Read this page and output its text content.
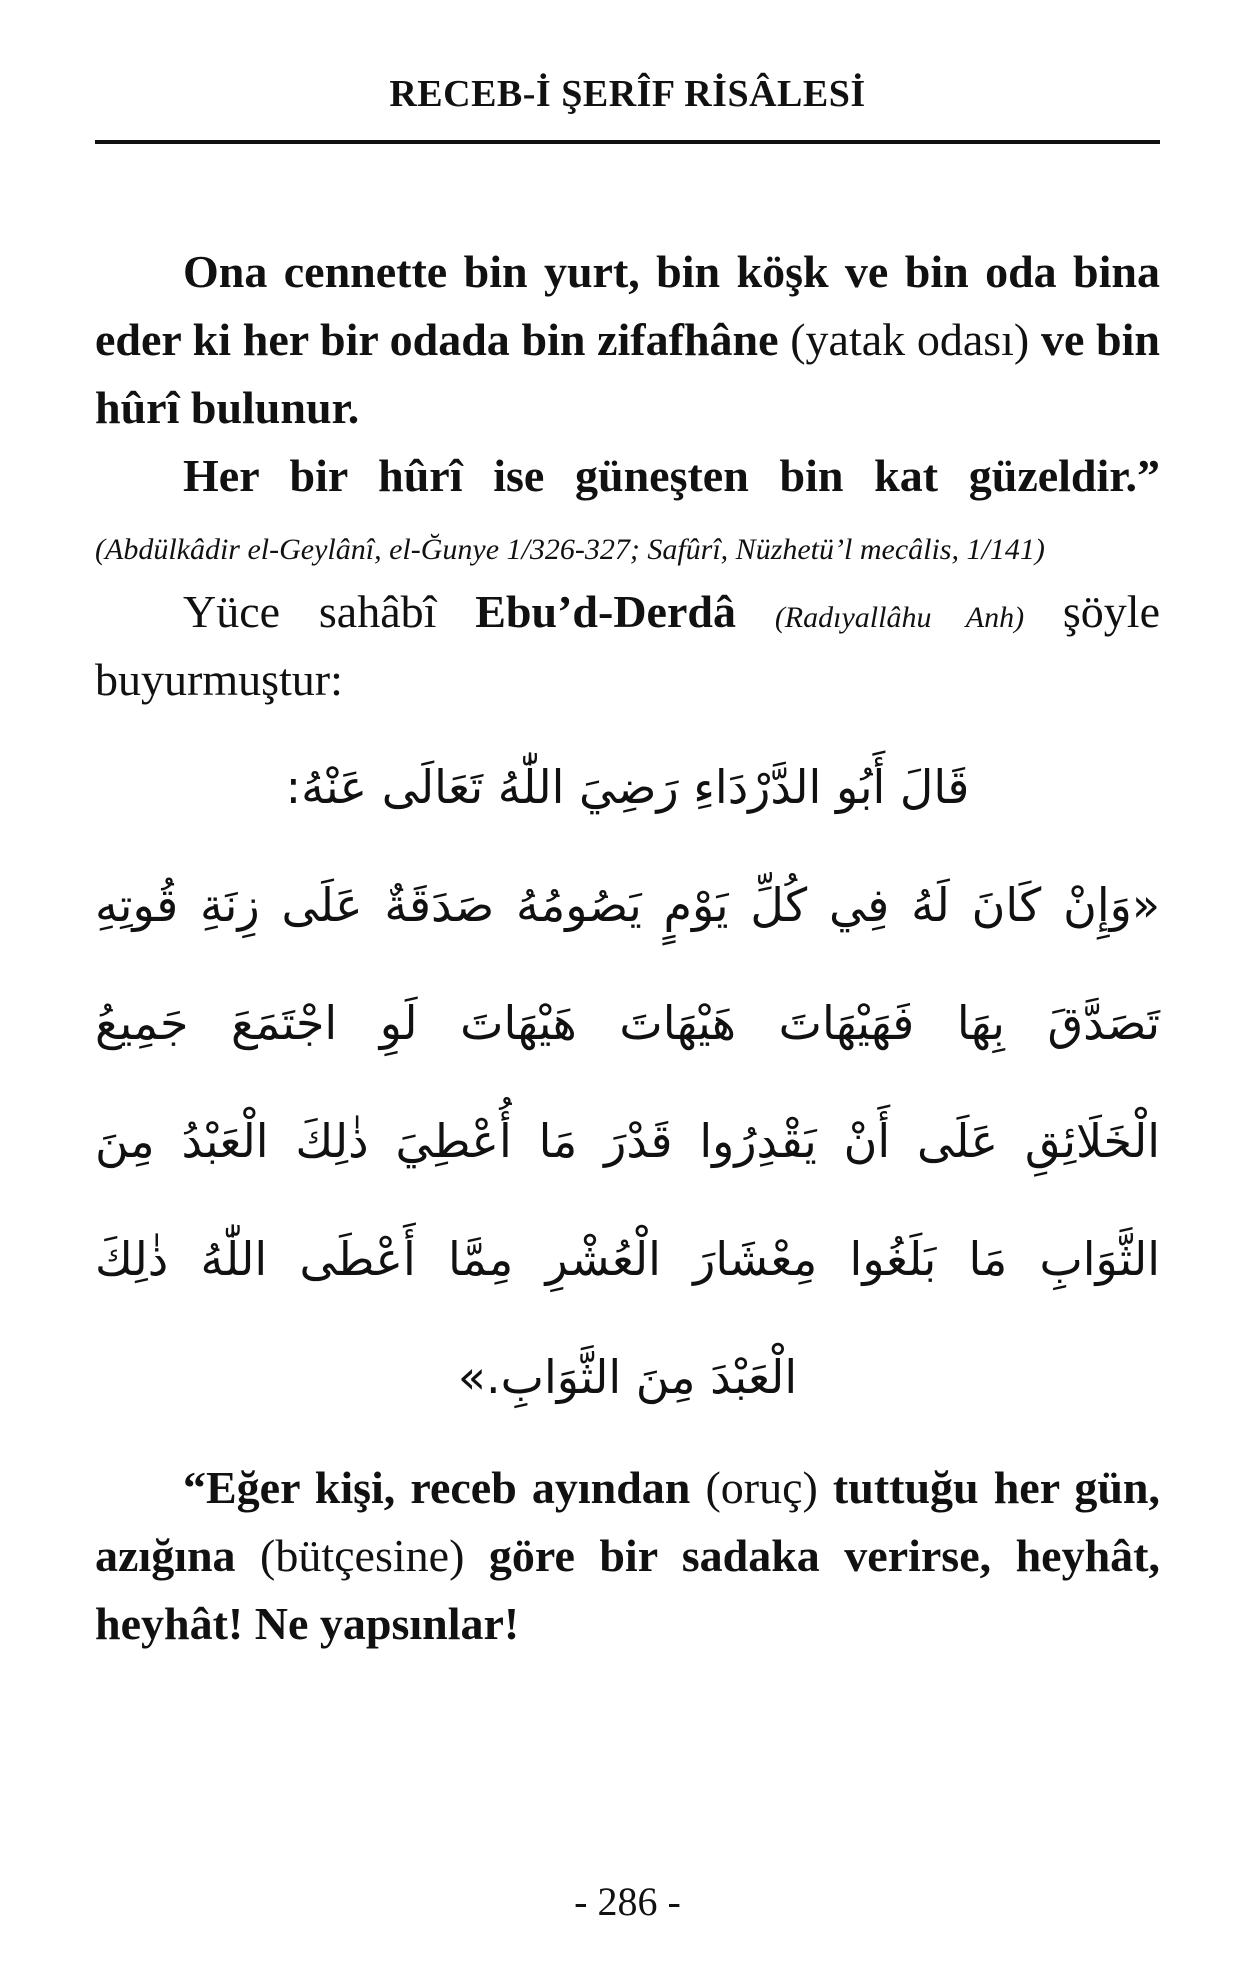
RECEB-İ ŞERÎF RİSÂLESİ

Ona cennette bin yurt, bin köşk ve bin oda bina eder ki her bir odada bin zifafhâne (yatak odası) ve bin hûrî bulunur.

Her bir hûrî ise güneşten bin kat güzeldir.” (Abdülkâdir el-Geylânî, el-Ğunye 1/326-327; Safûrî, Nüzhetü’l mecâlis, 1/141)

Yüce sahâbî Ebu’d-Derdâ (Radıyallâhu Anh) şöyle buyurmuştur:

قَالَ أَبُو الدَّرْدَاءِ رَضِيَ اللّٰهُ تَعَالَى عَنْهُ:
«وَإِنْ كَانَ لَهُ فِي كُلِّ يَوْمٍ يَصُومُهُ صَدَقَةٌ عَلَى زِنَةِ قُوتِهِ
تَصَدَّقَ بِهَا فَهَيْهَاتَ هَيْهَاتَ هَيْهَاتَ لَوِ اجْتَمَعَ جَمِيعُ
الْخَلَائِقِ عَلَى أَنْ يَقْدِرُوا قَدْرَ مَا أُعْطِيَ ذٰلِكَ الْعَبْدُ مِنَ
الثَّوَابِ مَا بَلَغُوا مِعْشَارَ الْعُشْرِ مِمَّا أَعْطَى اللّٰهُ ذٰلِكَ
الْعَبْدَ مِنَ الثَّوَابِ.»

“Eğer kişi, receb ayından (oruç) tuttuğu her gün, azığına (bütçesine) göre bir sadaka verirse, heyhât, heyhât! Ne yapsınlar!

- 286 -
